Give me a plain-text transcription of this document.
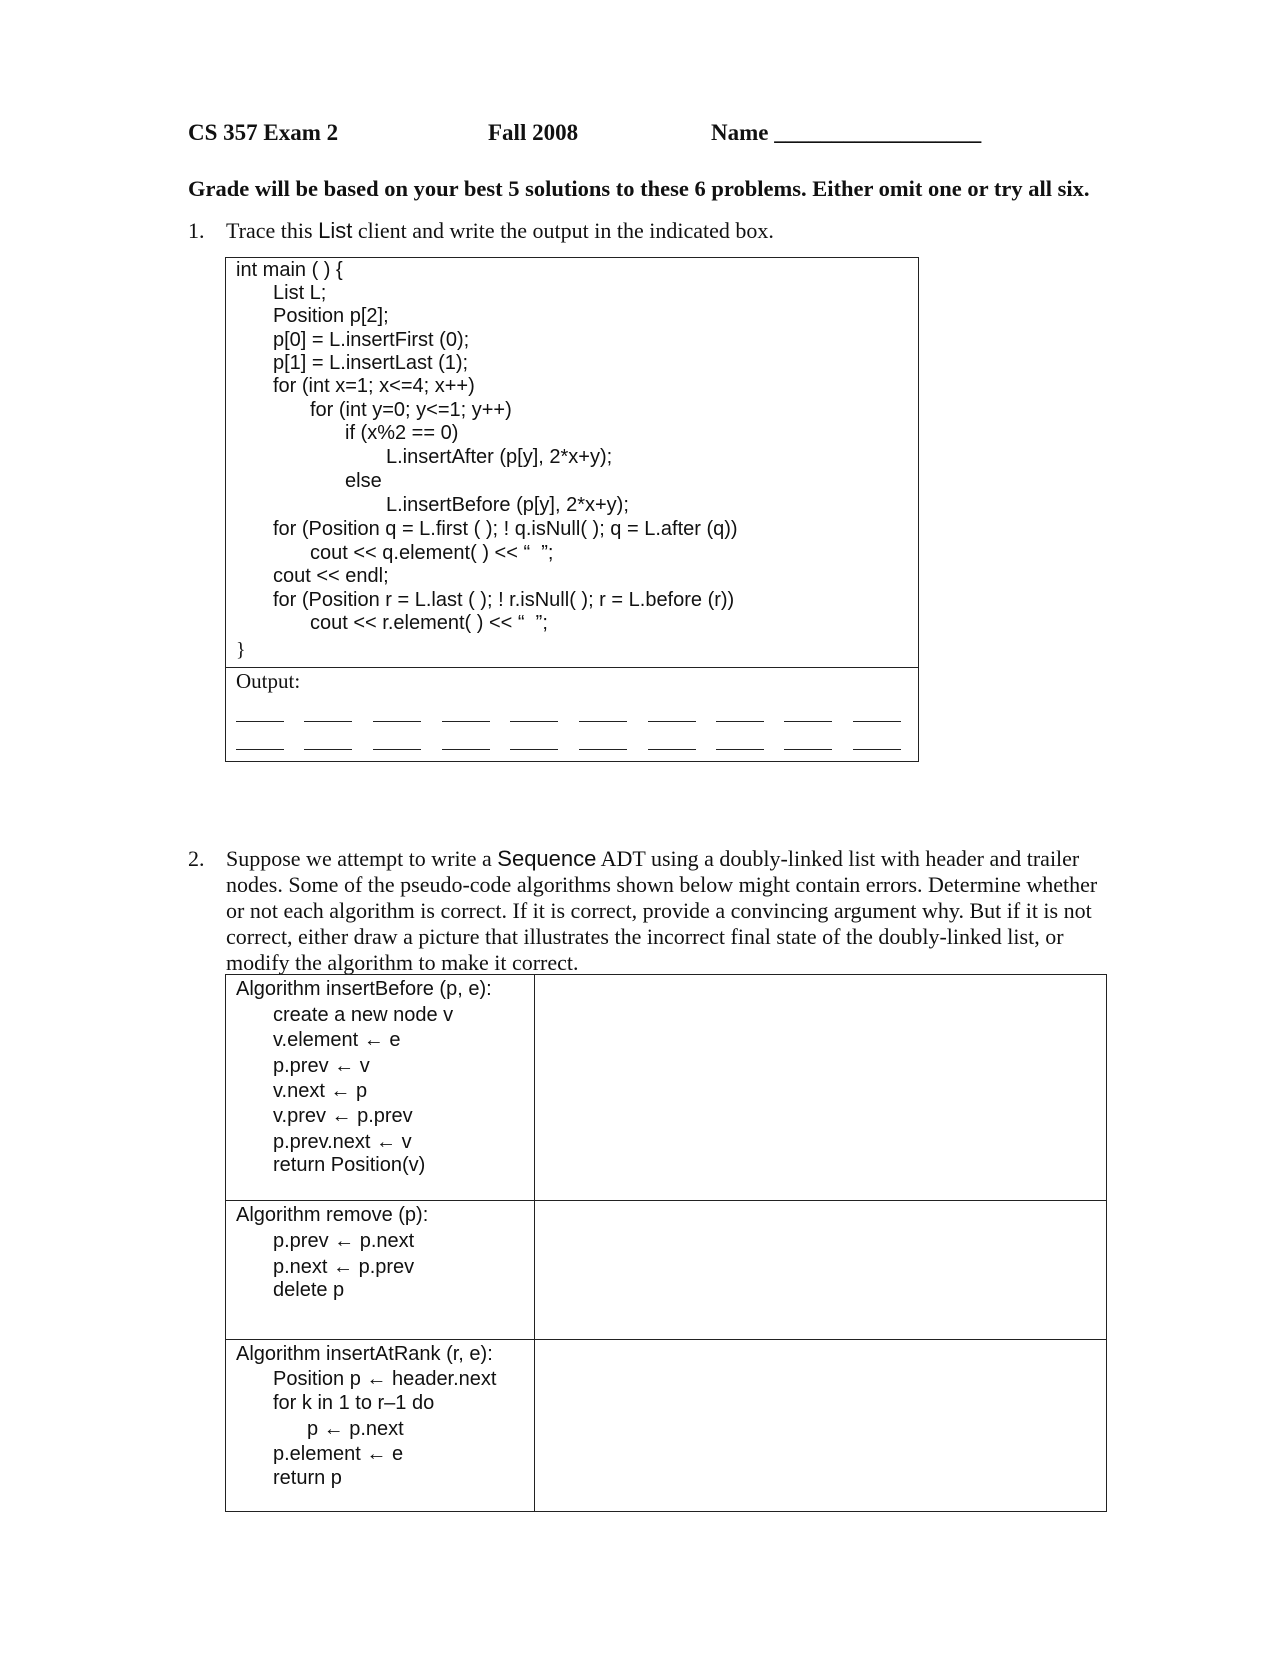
CS 357 Exam 2	Fall 2008	Name __________________
Grade will be based on your best 5 solutions to these 6 problems. Either omit one or try all six.
1. Trace this List client and write the output in the indicated box.
int main ( ) {
List L;
Position p[2];
p[0] = L.insertFirst (0);
p[1] = L.insertLast (1);
for (int x=1; x<=4; x++)
for (int y=0; y<=1; y++)
if (x%2 == 0)
L.insertAfter (p[y], 2*x+y);
else
L.insertBefore (p[y], 2*x+y);
for (Position q = L.first ( ); ! q.isNull( ); q = L.after (q))
cout << q.element( ) << “  ”;
cout << endl;
for (Position r = L.last ( ); ! r.isNull( ); r = L.before (r))
cout << r.element( ) << “  ”;
}
Output:
2. Suppose we attempt to write a Sequence ADT using a doubly-linked list with header and trailer nodes. Some of the pseudo-code algorithms shown below might contain errors. Determine whether or not each algorithm is correct. If it is correct, provide a convincing argument why. But if it is not correct, either draw a picture that illustrates the incorrect final state of the doubly-linked list, or modify the algorithm to make it correct.
Algorithm insertBefore (p, e):
create a new node v
v.element ← e
p.prev ← v
v.next ← p
v.prev ← p.prev
p.prev.next ← v
return Position(v)
Algorithm remove (p):
p.prev ← p.next
p.next ← p.prev
delete p
Algorithm insertAtRank (r, e):
Position p ← header.next
for k in 1 to r–1 do
p ← p.next
p.element ← e
return p
